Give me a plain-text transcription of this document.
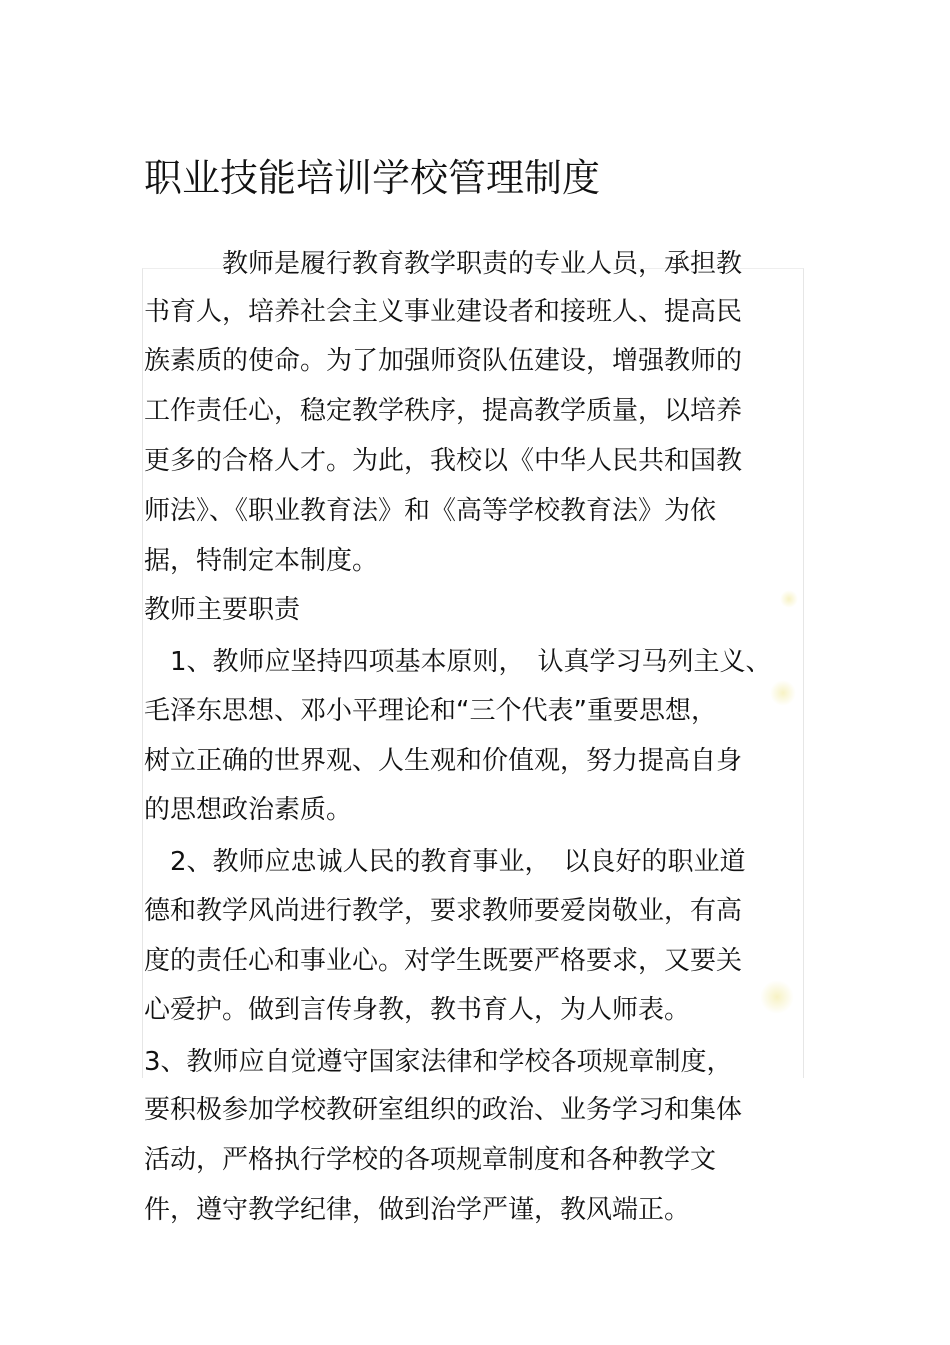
职业技能培训学校管理制度

　　　教师是履行教育教学职责的专业人员，承担教

书育人，培养社会主义事业建设者和接班人、提高民

族素质的使命。为了加强师资队伍建设，增强教师的

工作责任心，稳定教学秩序，提高教学质量，以培养

更多的合格人才。为此，我校以《中华人民共和国教

师法》、《职业教育法》和《高等学校教育法》为依

据，特制定本制度。

教师主要职责

　1、教师应坚持四项基本原则，　认真学习马列主义、

毛泽东思想、邓小平理论和“三个代表”重要思想，

树立正确的世界观、人生观和价值观，努力提高自身

的思想政治素质。

　2、教师应忠诚人民的教育事业，　以良好的职业道

德和教学风尚进行教学，要求教师要爱岗敬业，有高

度的责任心和事业心。对学生既要严格要求，又要关

心爱护。做到言传身教，教书育人，为人师表。

3、教师应自觉遵守国家法律和学校各项规章制度，

要积极参加学校教研室组织的政治、业务学习和集体

活动，严格执行学校的各项规章制度和各种教学文

件，遵守教学纪律，做到治学严谨，教风端正。
